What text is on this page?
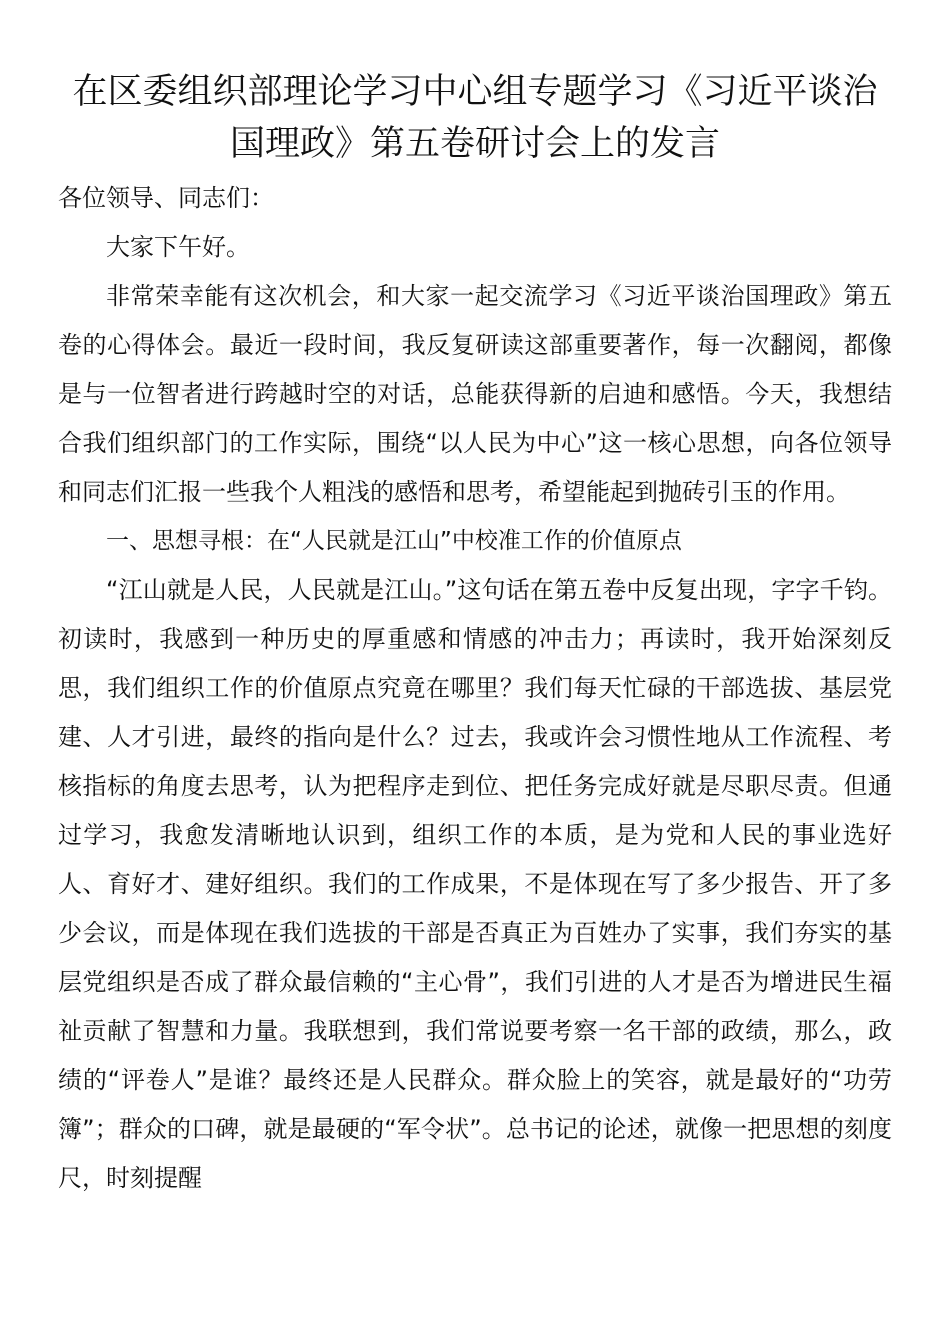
在区委组织部理论学习中心组专题学习《习近平谈治国理政》第五卷研讨会上的发言

各位领导、同志们：

大家下午好。

非常荣幸能有这次机会，和大家一起交流学习《习近平谈治国理政》第五卷的心得体会。最近一段时间，我反复研读这部重要著作，每一次翻阅，都像是与一位智者进行跨越时空的对话，总能获得新的启迪和感悟。今天，我想结合我们组织部门的工作实际，围绕“以人民为中心”这一核心思想，向各位领导和同志们汇报一些我个人粗浅的感悟和思考，希望能起到抛砖引玉的作用。

一、思想寻根：在“人民就是江山”中校准工作的价值原点

“江山就是人民，人民就是江山。”这句话在第五卷中反复出现，字字千钧。初读时，我感到一种历史的厚重感和情感的冲击力；再读时，我开始深刻反思，我们组织工作的价值原点究竟在哪里？我们每天忙碌的干部选拔、基层党建、人才引进，最终的指向是什么？过去，我或许会习惯性地从工作流程、考核指标的角度去思考，认为把程序走到位、把任务完成好就是尽职尽责。但通过学习，我愈发清晰地认识到，组织工作的本质，是为党和人民的事业选好人、育好才、建好组织。我们的工作成果，不是体现在写了多少报告、开了多少会议，而是体现在我们选拔的干部是否真正为百姓办了实事，我们夯实的基层党组织是否成了群众最信赖的“主心骨”，我们引进的人才是否为增进民生福祉贡献了智慧和力量。我联想到，我们常说要考察一名干部的政绩，那么，政绩的“评卷人”是谁？最终还是人民群众。群众脸上的笑容，就是最好的“功劳簿”；群众的口碑，就是最硬的“军令状”。总书记的论述，就像一把思想的刻度尺，时刻提醒
